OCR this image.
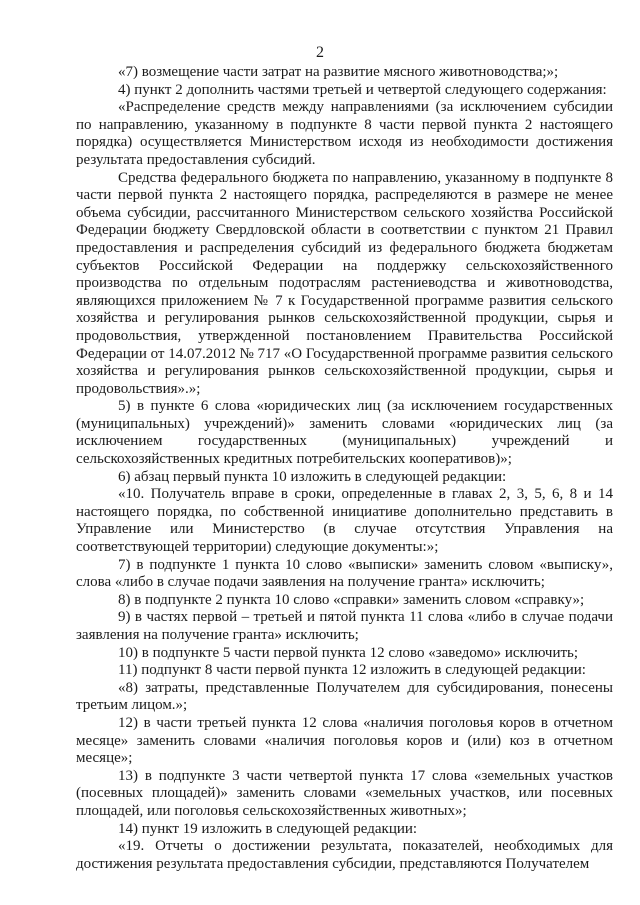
2

«7) возмещение части затрат на развитие мясного животноводства;»;

4) пункт 2 дополнить частями третьей и четвертой следующего содержания:

«Распределение средств между направлениями (за исключением субсидии по направлению, указанному в подпункте 8 части первой пункта 2 настоящего порядка) осуществляется Министерством исходя из необходимости достижения результата предоставления субсидий.

Средства федерального бюджета по направлению, указанному в подпункте 8 части первой пункта 2 настоящего порядка, распределяются в размере не менее объема субсидии, рассчитанного Министерством сельского хозяйства Российской Федерации бюджету Свердловской области в соответствии с пунктом 21 Правил предоставления и распределения субсидий из федерального бюджета бюджетам субъектов Российской Федерации на поддержку сельскохозяйственного производства по отдельным подотраслям растениеводства и животноводства, являющихся приложением № 7 к Государственной программе развития сельского хозяйства и регулирования рынков сельскохозяйственной продукции, сырья и продовольствия, утвержденной постановлением Правительства Российской Федерации от 14.07.2012 № 717 «О Государственной программе развития сельского хозяйства и регулирования рынков сельскохозяйственной продукции, сырья и продовольствия».»;

5) в пункте 6 слова «юридических лиц (за исключением государственных (муниципальных) учреждений)» заменить словами «юридических лиц (за исключением государственных (муниципальных) учреждений и сельскохозяйственных кредитных потребительских кооперативов)»;

6) абзац первый пункта 10 изложить в следующей редакции:

«10. Получатель вправе в сроки, определенные в главах 2, 3, 5, 6, 8 и 14 настоящего порядка, по собственной инициативе дополнительно представить в Управление или Министерство (в случае отсутствия Управления на соответствующей территории) следующие документы:»;

7) в подпункте 1 пункта 10 слово «выписки» заменить словом «выписку», слова «либо в случае подачи заявления на получение гранта» исключить;

8) в подпункте 2 пункта 10 слово «справки» заменить словом «справку»;

9) в частях первой – третьей и пятой пункта 11 слова «либо в случае подачи заявления на получение гранта» исключить;

10) в подпункте 5 части первой пункта 12 слово «заведомо» исключить;

11) подпункт 8 части первой пункта 12 изложить в следующей редакции:

«8) затраты, представленные Получателем для субсидирования, понесены третьим лицом.»;

12) в части третьей пункта 12 слова «наличия поголовья коров в отчетном месяце» заменить словами «наличия поголовья коров и (или) коз в отчетном месяце»;

13) в подпункте 3 части четвертой пункта 17 слова «земельных участков (посевных площадей)» заменить словами «земельных участков, или посевных площадей, или поголовья сельскохозяйственных животных»;

14) пункт 19 изложить в следующей редакции:

«19. Отчеты о достижении результата, показателей, необходимых для достижения результата предоставления субсидии, представляются Получателем
